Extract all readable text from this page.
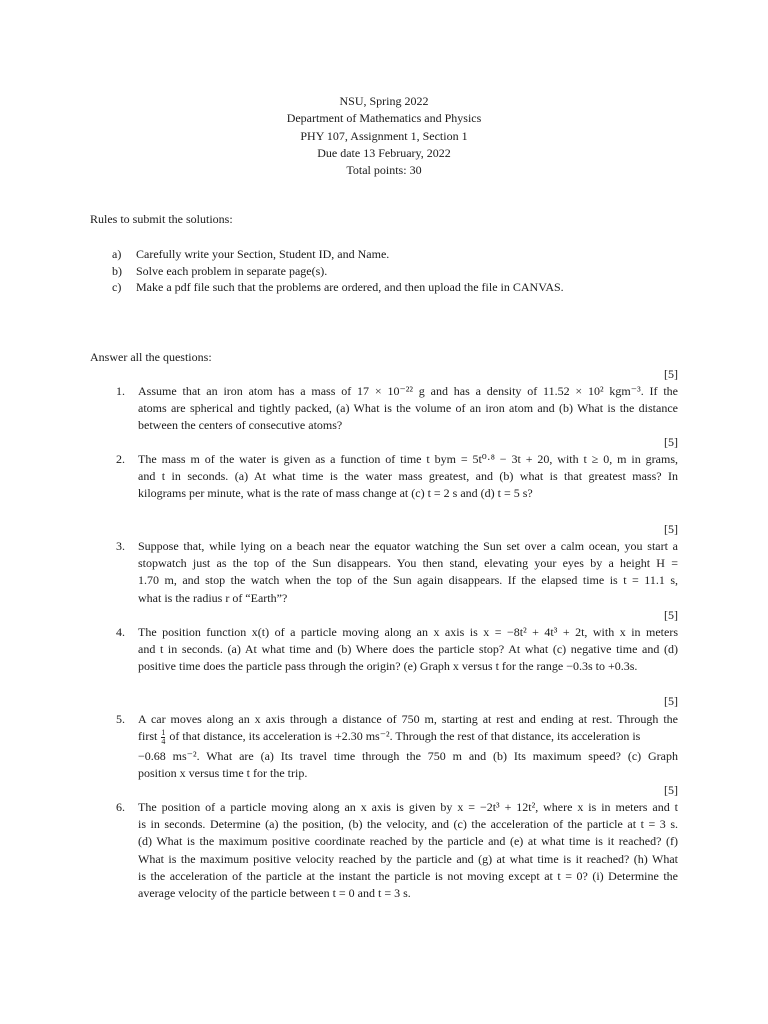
NSU, Spring 2022
Department of Mathematics and Physics
PHY 107, Assignment 1, Section 1
Due date 13 February, 2022
Total points: 30
Rules to submit the solutions:
a) Carefully write your Section, Student ID, and Name.
b) Solve each problem in separate page(s).
c) Make a pdf file such that the problems are ordered, and then upload the file in CANVAS.
Answer all the questions:
[5]
1. Assume that an iron atom has a mass of 17 × 10⁻²² g and has a density of 11.52 × 10² kgm⁻³. If the
atoms are spherical and tightly packed, (a) What is the volume of an iron atom and (b) What is the distance
between the centers of consecutive atoms?
[5]
2. The mass m of the water is given as a function of time t bym = 5t⁰·⁸ − 3t + 20, with t ≥ 0, m in grams,
and t in seconds. (a) At what time is the water mass greatest, and (b) what is that greatest mass? In
kilograms per minute, what is the rate of mass change at (c) t = 2 s and (d) t = 5 s?
[5]
3. Suppose that, while lying on a beach near the equator watching the Sun set over a calm ocean, you start a
stopwatch just as the top of the Sun disappears. You then stand, elevating your eyes by a height H =
1.70 m, and stop the watch when the top of the Sun again disappears. If the elapsed time is t = 11.1 s,
what is the radius r of “Earth”?
[5]
4. The position function x(t) of a particle moving along an x axis is x = −8t² + 4t³ + 2t, with x in meters
and t in seconds. (a) At what time and (b) Where does the particle stop? At what (c) negative time and (d)
positive time does the particle pass through the origin? (e) Graph x versus t for the range −0.3s to +0.3s.
[5]
5. A car moves along an x axis through a distance of 750 m, starting at rest and ending at rest. Through the
first $\frac{1}{4}$ of that distance, its acceleration is +2.30 ms⁻². Through the rest of that distance, its acceleration is
−0.68 ms⁻². What are (a) Its travel time through the 750 m and (b) Its maximum speed? (c) Graph
position x versus time t for the trip.
[5]
6. The position of a particle moving along an x axis is given by x = −2t³ + 12t², where x is in meters and t
is in seconds. Determine (a) the position, (b) the velocity, and (c) the acceleration of the particle at t = 3 s.
(d) What is the maximum positive coordinate reached by the particle and (e) at what time is it reached? (f)
What is the maximum positive velocity reached by the particle and (g) at what time is it reached? (h) What
is the acceleration of the particle at the instant the particle is not moving except at t = 0? (i) Determine the
average velocity of the particle between t = 0 and t = 3 s.
